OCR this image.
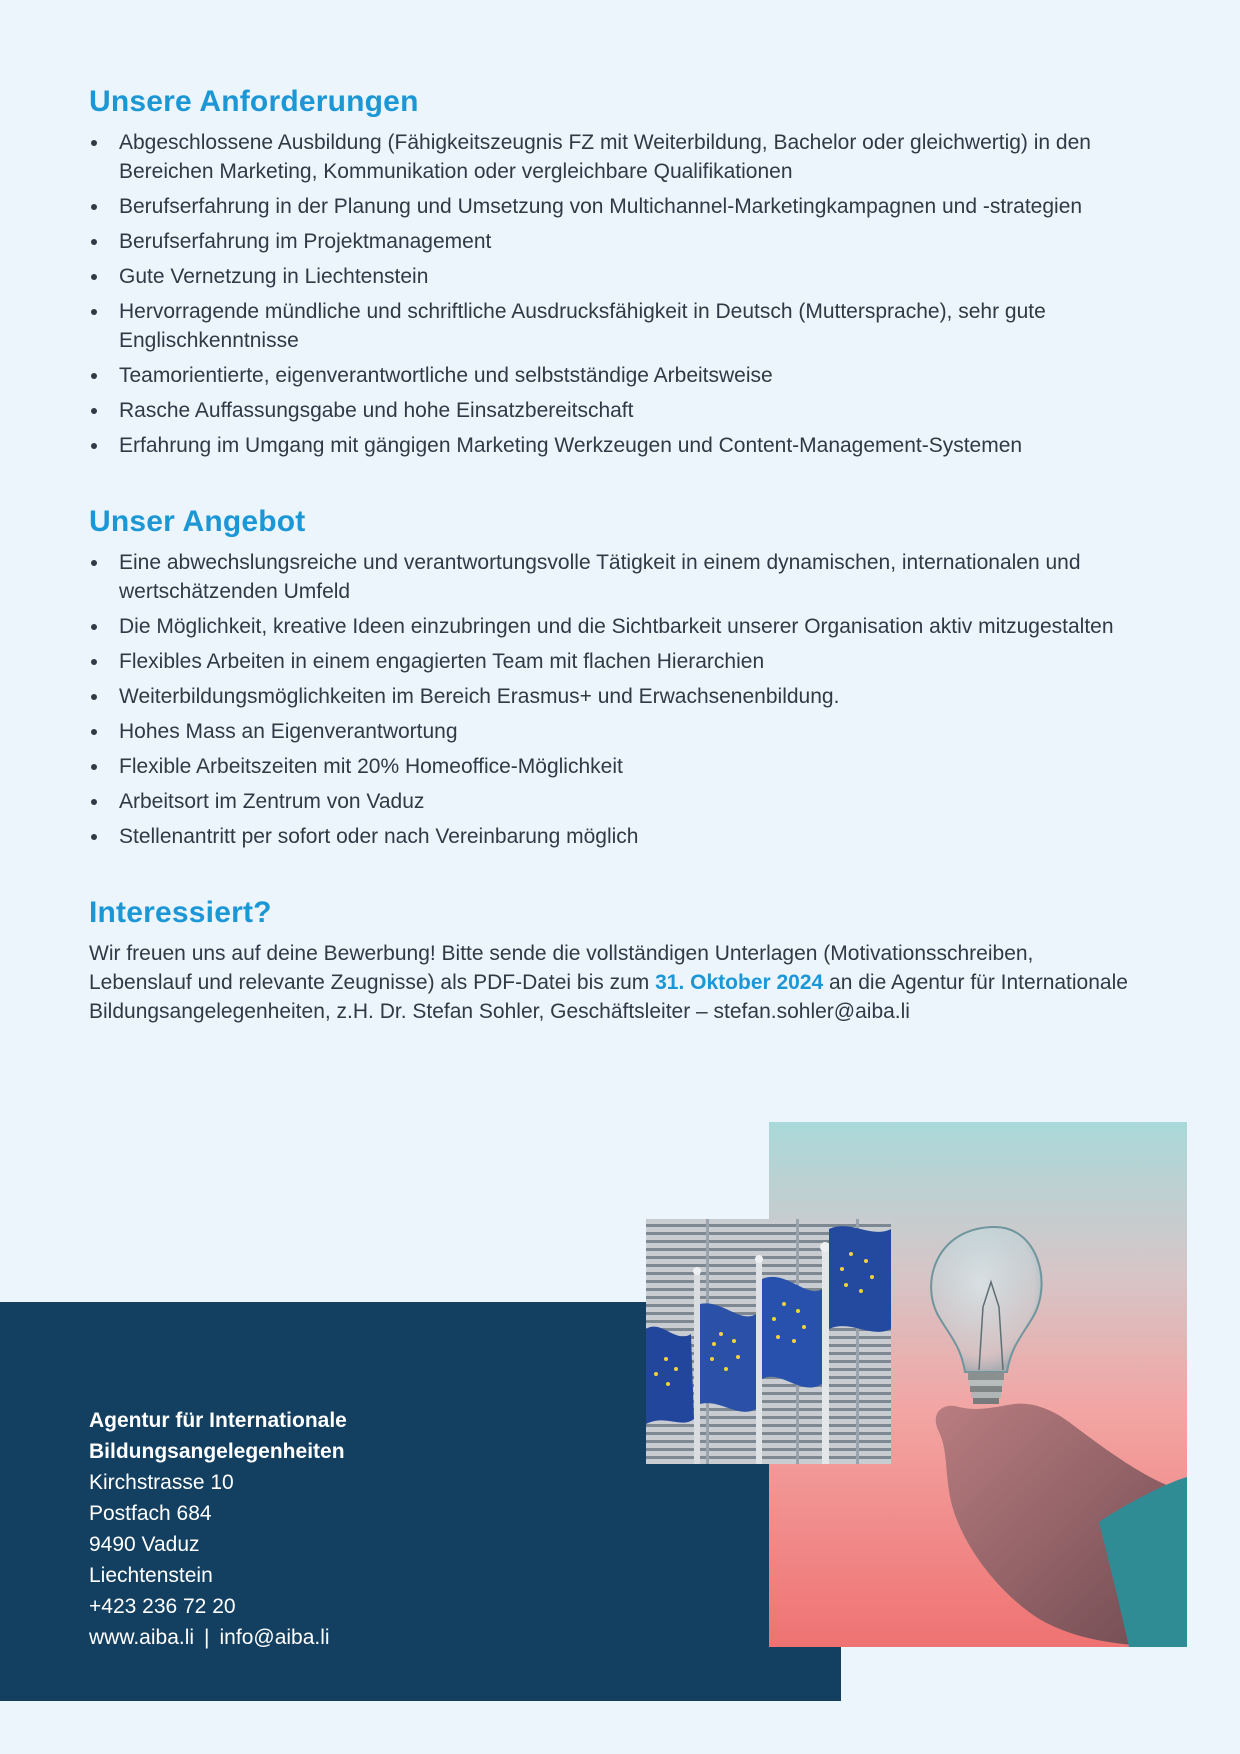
Unsere Anforderungen
Abgeschlossene Ausbildung (Fähigkeitszeugnis FZ mit Weiterbildung, Bachelor oder gleichwertig) in den Bereichen Marketing, Kommunikation oder vergleichbare Qualifikationen
Berufserfahrung in der Planung und Umsetzung von Multichannel-Marketingkampagnen und -strategien
Berufserfahrung im Projektmanagement
Gute Vernetzung in Liechtenstein
Hervorragende mündliche und schriftliche Ausdrucksfähigkeit in Deutsch (Muttersprache), sehr gute Englischkenntnisse
Teamorientierte, eigenverantwortliche und selbstständige Arbeitsweise
Rasche Auffassungsgabe und hohe Einsatzbereitschaft
Erfahrung im Umgang mit gängigen Marketing Werkzeugen und Content-Management-Systemen
Unser Angebot
Eine abwechslungsreiche und verantwortungsvolle Tätigkeit in einem dynamischen, internationalen und wertschätzenden Umfeld
Die Möglichkeit, kreative Ideen einzubringen und die Sichtbarkeit unserer Organisation aktiv mitzugestalten
Flexibles Arbeiten in einem engagierten Team mit flachen Hierarchien
Weiterbildungsmöglichkeiten im Bereich Erasmus+ und Erwachsenenbildung.
Hohes Mass an Eigenverantwortung
Flexible Arbeitszeiten mit 20% Homeoffice-Möglichkeit
Arbeitsort im Zentrum von Vaduz
Stellenantritt per sofort oder nach Vereinbarung möglich
Interessiert?

Wir freuen uns auf deine Bewerbung! Bitte sende die vollständigen Unterlagen (Motivationsschreiben, Lebenslauf und relevante Zeugnisse) als PDF-Datei bis zum 31. Oktober 2024 an die Agentur für Internationale Bildungsangelegenheiten, z.H. Dr. Stefan Sohler, Geschäftsleiter – stefan.sohler@aiba.li

Agentur für Internationale
Bildungsangelegenheiten
Kirchstrasse 10
Postfach 684
9490 Vaduz
Liechtenstein
+423 236 72 20
www.aiba.li | info@aiba.li
